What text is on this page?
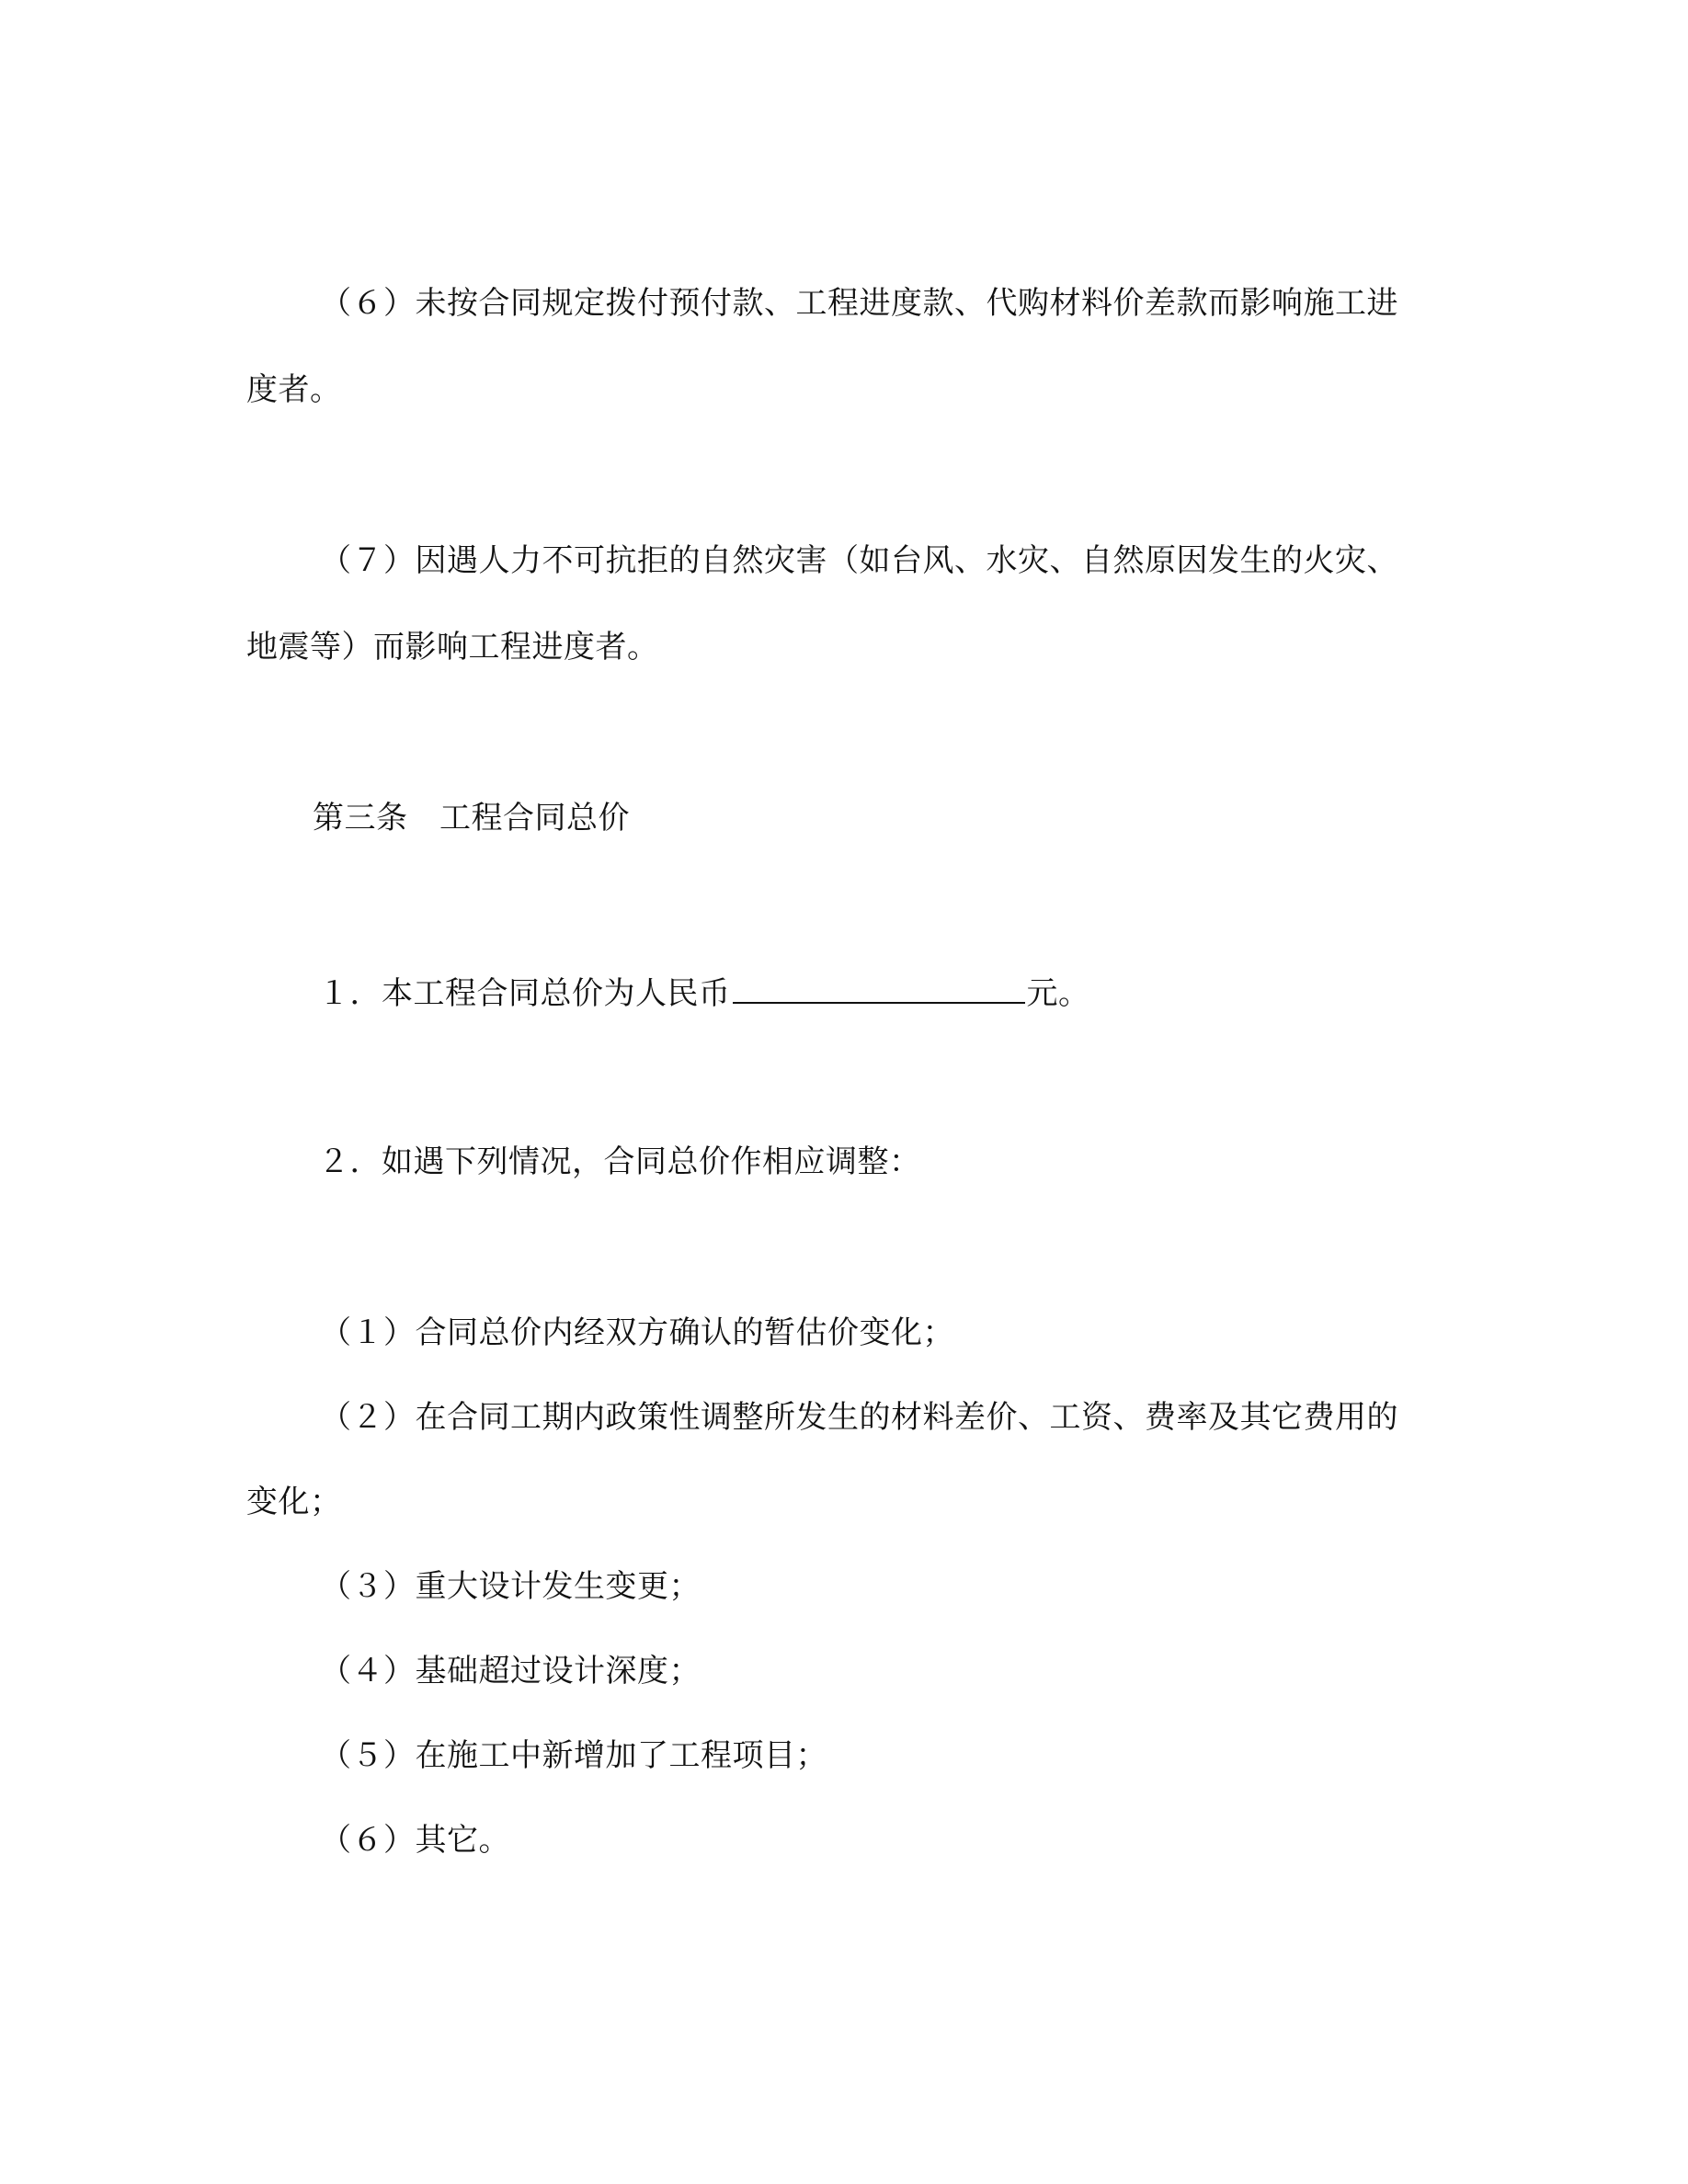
（６）未按合同规定拨付预付款、工程进度款、代购材料价差款而影响施工进
度者。
（７）因遇人力不可抗拒的自然灾害（如台风、水灾、自然原因发生的火灾、
地震等）而影响工程进度者。
第三条　工程合同总价
１．本工程合同总价为人民币	元。
２．如遇下列情况，合同总价作相应调整：
（１）合同总价内经双方确认的暂估价变化；
（２）在合同工期内政策性调整所发生的材料差价、工资、费率及其它费用的
变化；
（３）重大设计发生变更；
（４）基础超过设计深度；
（５）在施工中新增加了工程项目；
（６）其它。
